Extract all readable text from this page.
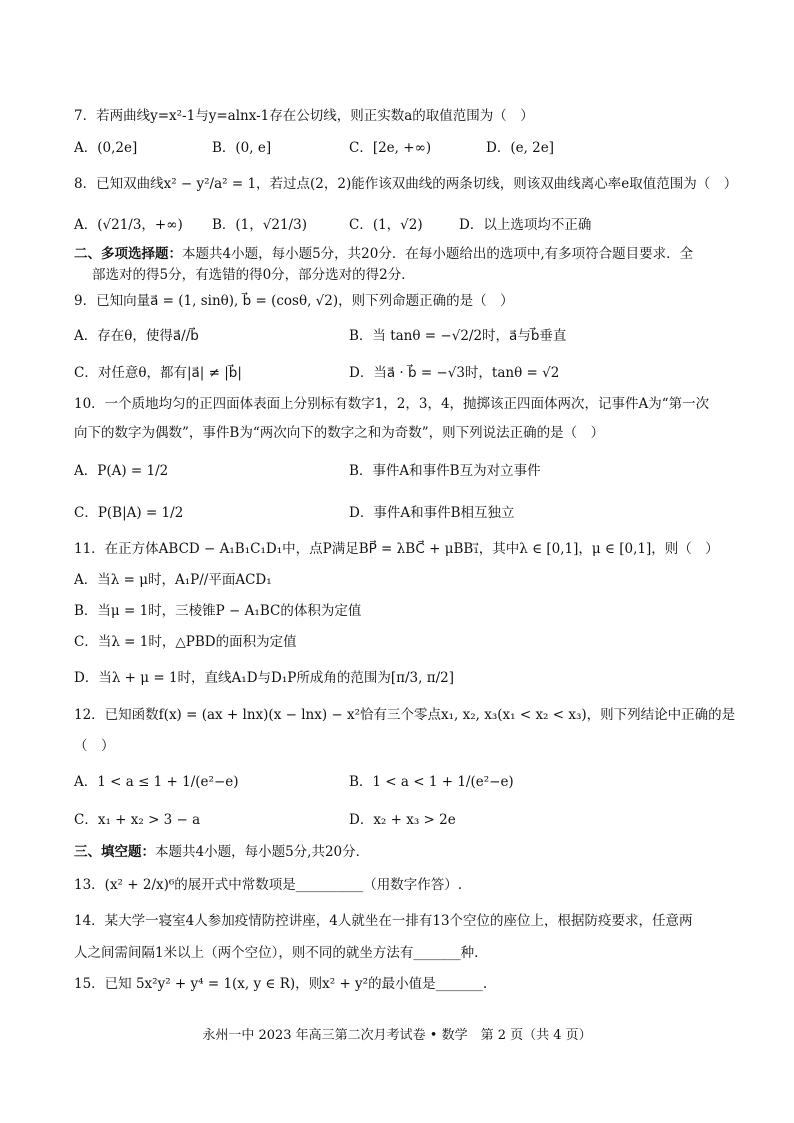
7．若两曲线y=x²-1与y=alnx-1存在公切线，则正实数a的取值范围为（　）
A．(0,2e]	B．(0, e]	C．[2e, +∞)	D．(e, 2e]
8．已知双曲线x² − y²/a² = 1，若过点(2，2)能作该双曲线的两条切线，则该双曲线离心率e取值范围为（　）
A．(√21/3，+∞) B．(1，√21/3)	C．(1，√2)	D．以上选项均不正确
二、多项选择题：本题共4小题，每小题5分，共20分．在每小题给出的选项中,有多项符合题目要求．全
部选对的得5分，有选错的得0分，部分选对的得2分．
9．已知向量a⃗ = (1, sinθ), b⃗ = (cosθ, √2)，则下列命题正确的是（　）
A．存在θ，使得a⃗//b⃗	B．当 tanθ = −√2/2时，a⃗与b⃗垂直
C．对任意θ，都有|a⃗| ≠ |b⃗|	D．当a⃗ · b⃗ = −√3时，tanθ = √2
10．一个质地均匀的正四面体表面上分别标有数字1，2，3，4，抛掷该正四面体两次，记事件A为“第一次
向下的数字为偶数”，事件B为“两次向下的数字之和为奇数”，则下列说法正确的是（　）
A．P(A) = 1/2	B．事件A和事件B互为对立事件
C．P(B|A) = 1/2	D．事件A和事件B相互独立
11．在正方体ABCD − A₁B₁C₁D₁中，点P满足BP⃗ = λBC⃗ + μBB₁⃗，其中λ ∈ [0,1]，μ ∈ [0,1]，则（　）
A．当λ = μ时，A₁P//平面ACD₁
B．当μ = 1时，三棱锥P − A₁BC的体积为定值
C．当λ = 1时，△PBD的面积为定值
D．当λ + μ = 1时，直线A₁D与D₁P所成角的范围为[π/3, π/2]
12．已知函数f(x) = (ax + lnx)(x − lnx) − x²恰有三个零点x₁, x₂, x₃(x₁ < x₂ < x₃)，则下列结论中正确的是
（　）
A．1 < a ≤ 1 + 1/(e²−e)	B．1 < a < 1 + 1/(e²−e)
C．x₁ + x₂ > 3 − a	D．x₂ + x₃ > 2e
三、填空题：本题共4小题，每小题5分,共20分．
13．(x² + 2/x)⁶的展开式中常数项是__________（用数字作答）.
14．某大学一寝室4人参加疫情防控讲座，4人就坐在一排有13个空位的座位上，根据防疫要求，任意两
人之间需间隔1米以上（两个空位），则不同的就坐方法有_______种.
15．已知 5x²y² + y⁴ = 1(x, y ∈ R)，则x² + y²的最小值是_______.
永州一中 2023 年高三第二次月考试卷 • 数学　第 2 页（共 4 页）
